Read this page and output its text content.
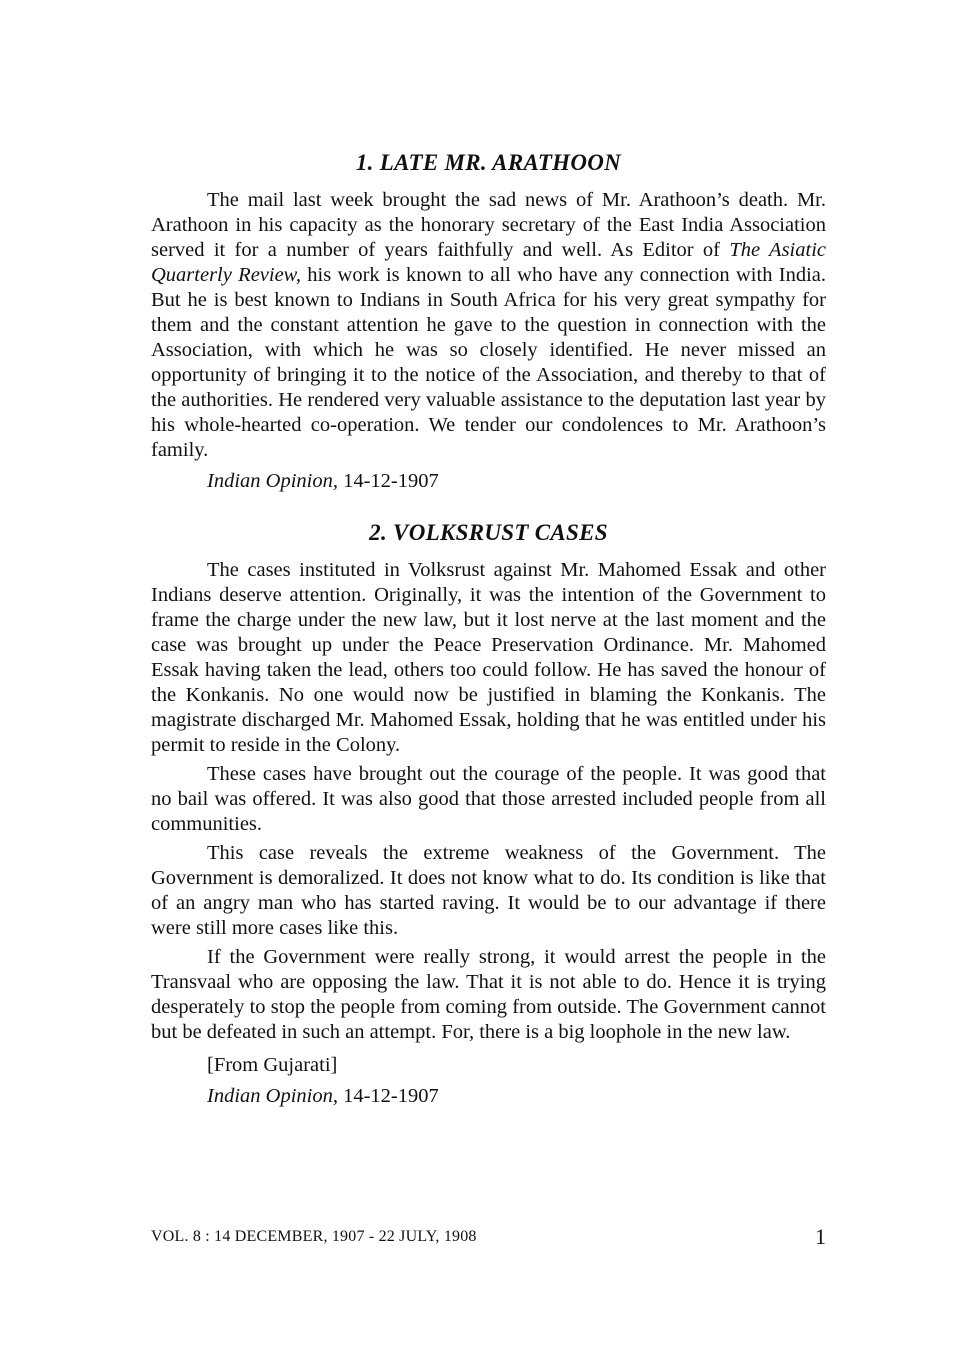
1. LATE MR. ARATHOON

The mail last week brought the sad news of Mr. Arathoon’s death. Mr. Arathoon in his capacity as the honorary secretary of the East India Association served it for a number of years faithfully and well. As Editor of The Asiatic Quarterly Review, his work is known to all who have any connection with India. But he is best known to Indians in South Africa for his very great sympathy for them and the constant attention he gave to the question in connection with the Association, with which he was so closely identified. He never missed an opportunity of bringing it to the notice of the Association, and thereby to that of the authorities. He rendered very valuable assistance to the deputation last year by his whole-hearted co-operation. We tender our condolences to Mr. Arathoon’s family.

Indian Opinion, 14-12-1907
2. VOLKSRUST CASES

The cases instituted in Volksrust against Mr. Mahomed Essak and other Indians deserve attention. Originally, it was the intention of the Government to frame the charge under the new law, but it lost nerve at the last moment and the case was brought up under the Peace Preservation Ordinance. Mr. Mahomed Essak having taken the lead, others too could follow. He has saved the honour of the Konkanis. No one would now be justified in blaming the Konkanis. The magistrate discharged Mr. Mahomed Essak, holding that he was entitled under his permit to reside in the Colony.

These cases have brought out the courage of the people. It was good that no bail was offered. It was also good that those arrested included people from all communities.

This case reveals the extreme weakness of the Government. The Government is demoralized. It does not know what to do. Its condition is like that of an angry man who has started raving. It would be to our advantage if there were still more cases like this.

If the Government were really strong, it would arrest the people in the Transvaal who are opposing the law. That it is not able to do. Hence it is trying desperately to stop the people from coming from outside. The Government cannot but be defeated in such an attempt. For, there is a big loophole in the new law.

[From Gujarati]
Indian Opinion, 14-12-1907
VOL. 8 : 14 DECEMBER, 1907 - 22 JULY, 1908	1
